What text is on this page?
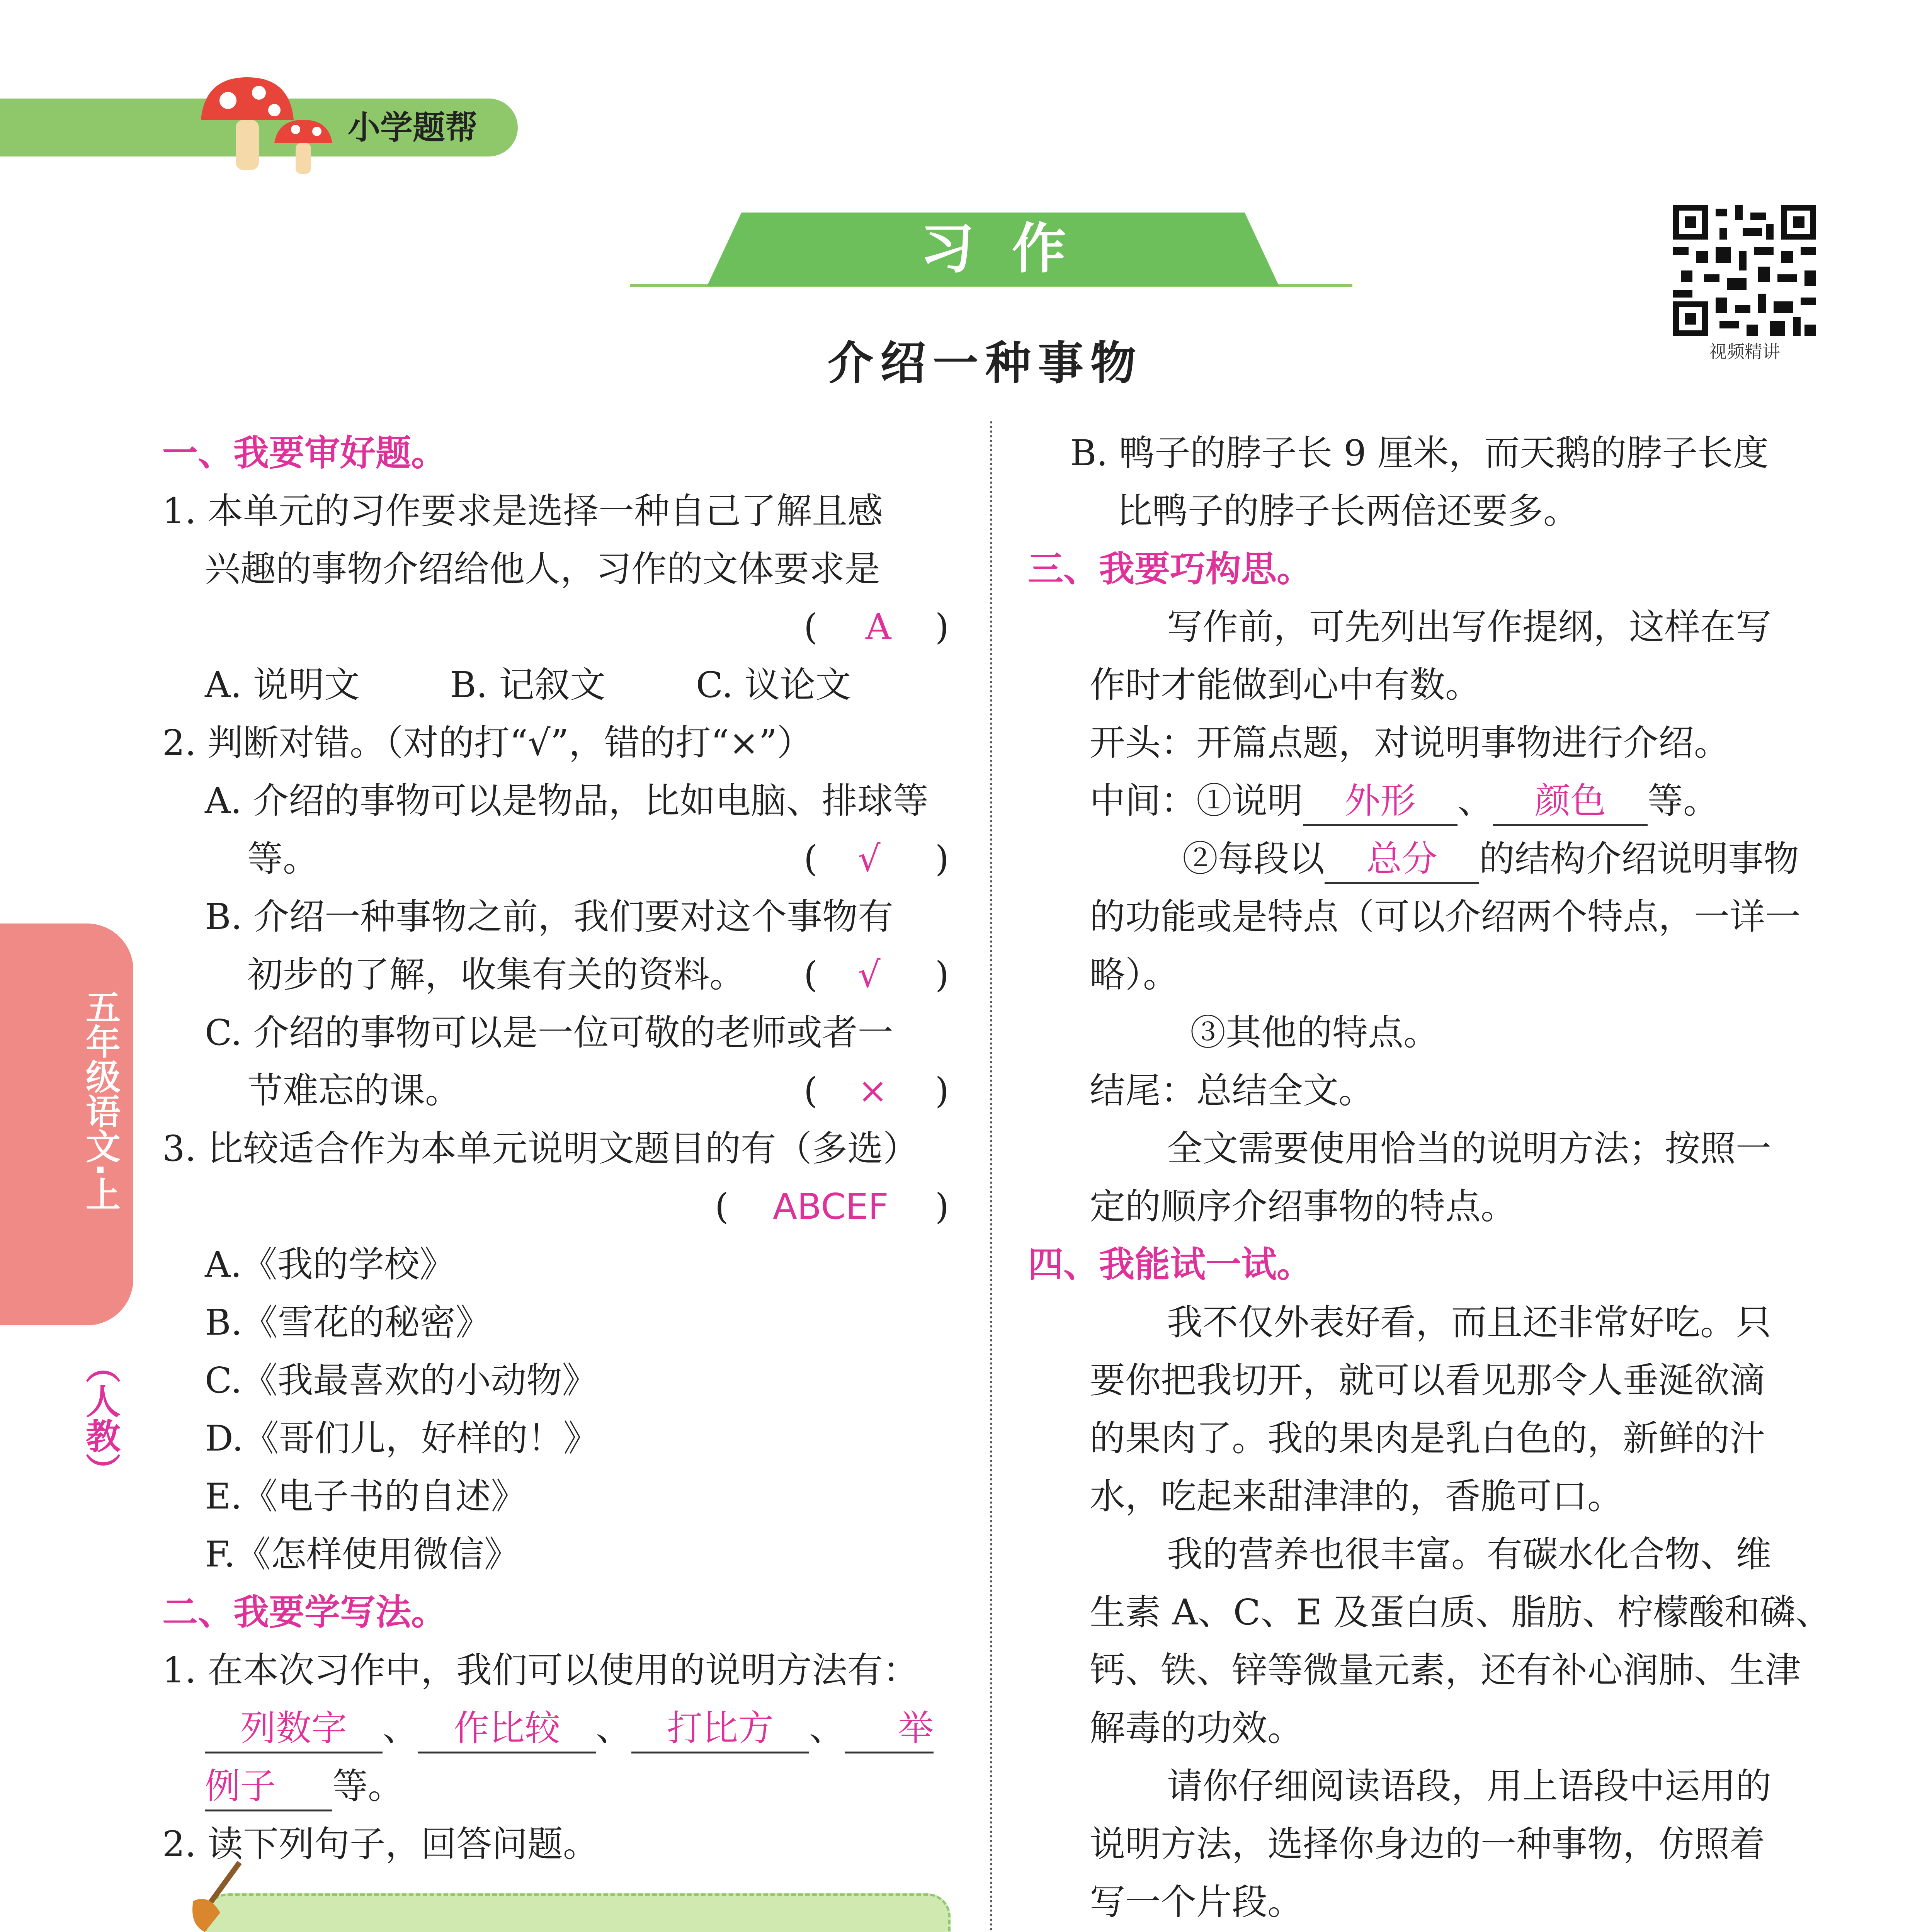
小学题帮
习  作
视频精讲
介绍一种事物
五年级语文·上
（人教）
一、我要审好题。
1. 本单元的习作要求是选择一种自己了解且感
兴趣的事物介绍给他人，习作的文体要求是
( A )
A. 说明文        B. 记叙文        C. 议论文
2. 判断对错。（对的打“√”，错的打“×”）
A. 介绍的事物可以是物品，比如电脑、排球等
等。	( √ )
B. 介绍一种事物之前，我们要对这个事物有
初步的了解，收集有关的资料。 ( √ )
C. 介绍的事物可以是一位可敬的老师或者一
节难忘的课。	( × )
3. 比较适合作为本单元说明文题目的有（多选）
( ABCEF )
A.《我的学校》
B.《雪花的秘密》
C.《我最喜欢的小动物》
D.《哥们儿，好样的！》
E.《电子书的自述》
F.《怎样使用微信》
二、我要学写法。
1. 在本次习作中，我们可以使用的说明方法有：
列数字 、 作比较 、 打比方 、 举
例子 等。
2. 读下列句子，回答问题。
B. 鸭子的脖子长 9 厘米，而天鹅的脖子长度
比鸭子的脖子长两倍还要多。
三、我要巧构思。
写作前，可先列出写作提纲，这样在写
作时才能做到心中有数。
开头：开篇点题，对说明事物进行介绍。
中间：①说明 外形 、 颜色 等。
②每段以 总分 的结构介绍说明事物
的功能或是特点（可以介绍两个特点，一详一
略）。
③其他的特点。
结尾：总结全文。
全文需要使用恰当的说明方法；按照一
定的顺序介绍事物的特点。
四、我能试一试。
我不仅外表好看，而且还非常好吃。只
要你把我切开，就可以看见那令人垂涎欲滴
的果肉了。我的果肉是乳白色的，新鲜的汁
水，吃起来甜津津的，香脆可口。
我的营养也很丰富。有碳水化合物、维
生素 A、C、E 及蛋白质、脂肪、柠檬酸和磷、
钙、铁、锌等微量元素，还有补心润肺、生津
解毒的功效。
请你仔细阅读语段，用上语段中运用的
说明方法，选择你身边的一种事物，仿照着
写一个片段。
